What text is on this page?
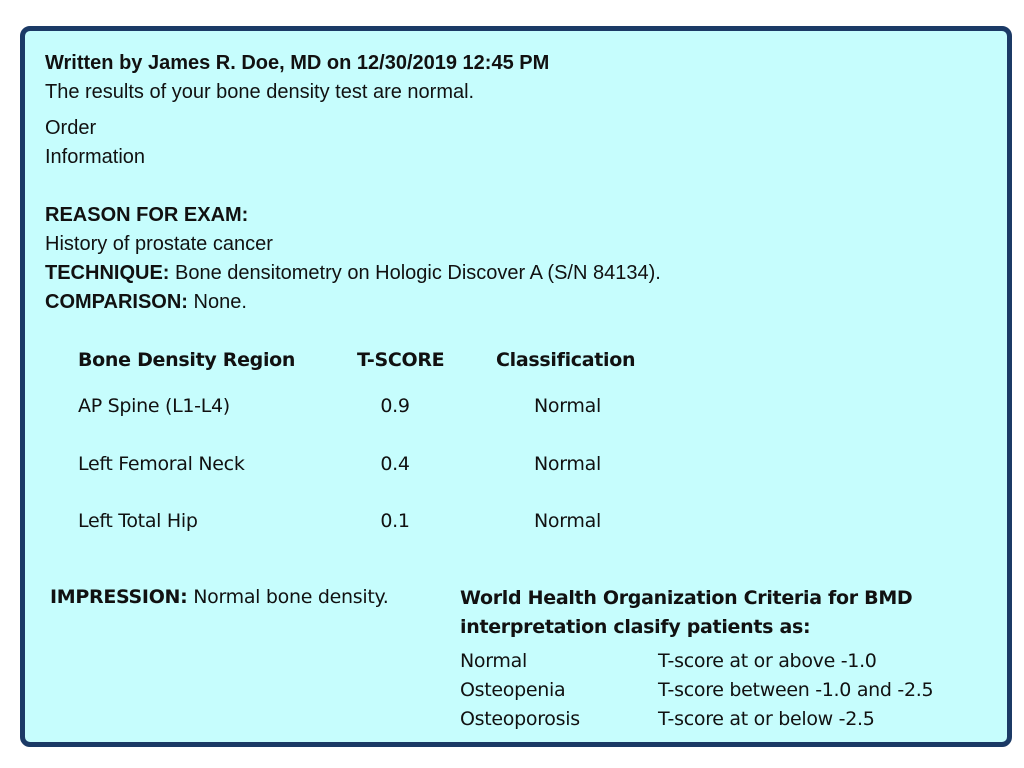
Written by James R. Doe, MD on 12/30/2019 12:45 PM
The results of your bone density test are normal.
Order
Information
REASON FOR EXAM:
History of prostate cancer
TECHNIQUE: Bone densitometry on Hologic Discover A (S/N 84134).
COMPARISON: None.
Bone Density Region	T-SCORE	Classification
AP Spine (L1-L4)	0.9	Normal
Left Femoral Neck	0.4	Normal
Left Total Hip	0.1	Normal
IMPRESSION: Normal bone density.	World Health Organization Criteria for BMD
interpretation clasify patients as:
Normal	T-score at or above -1.0
Osteopenia	T-score between -1.0 and -2.5
Osteoporosis	T-score at or below -2.5
